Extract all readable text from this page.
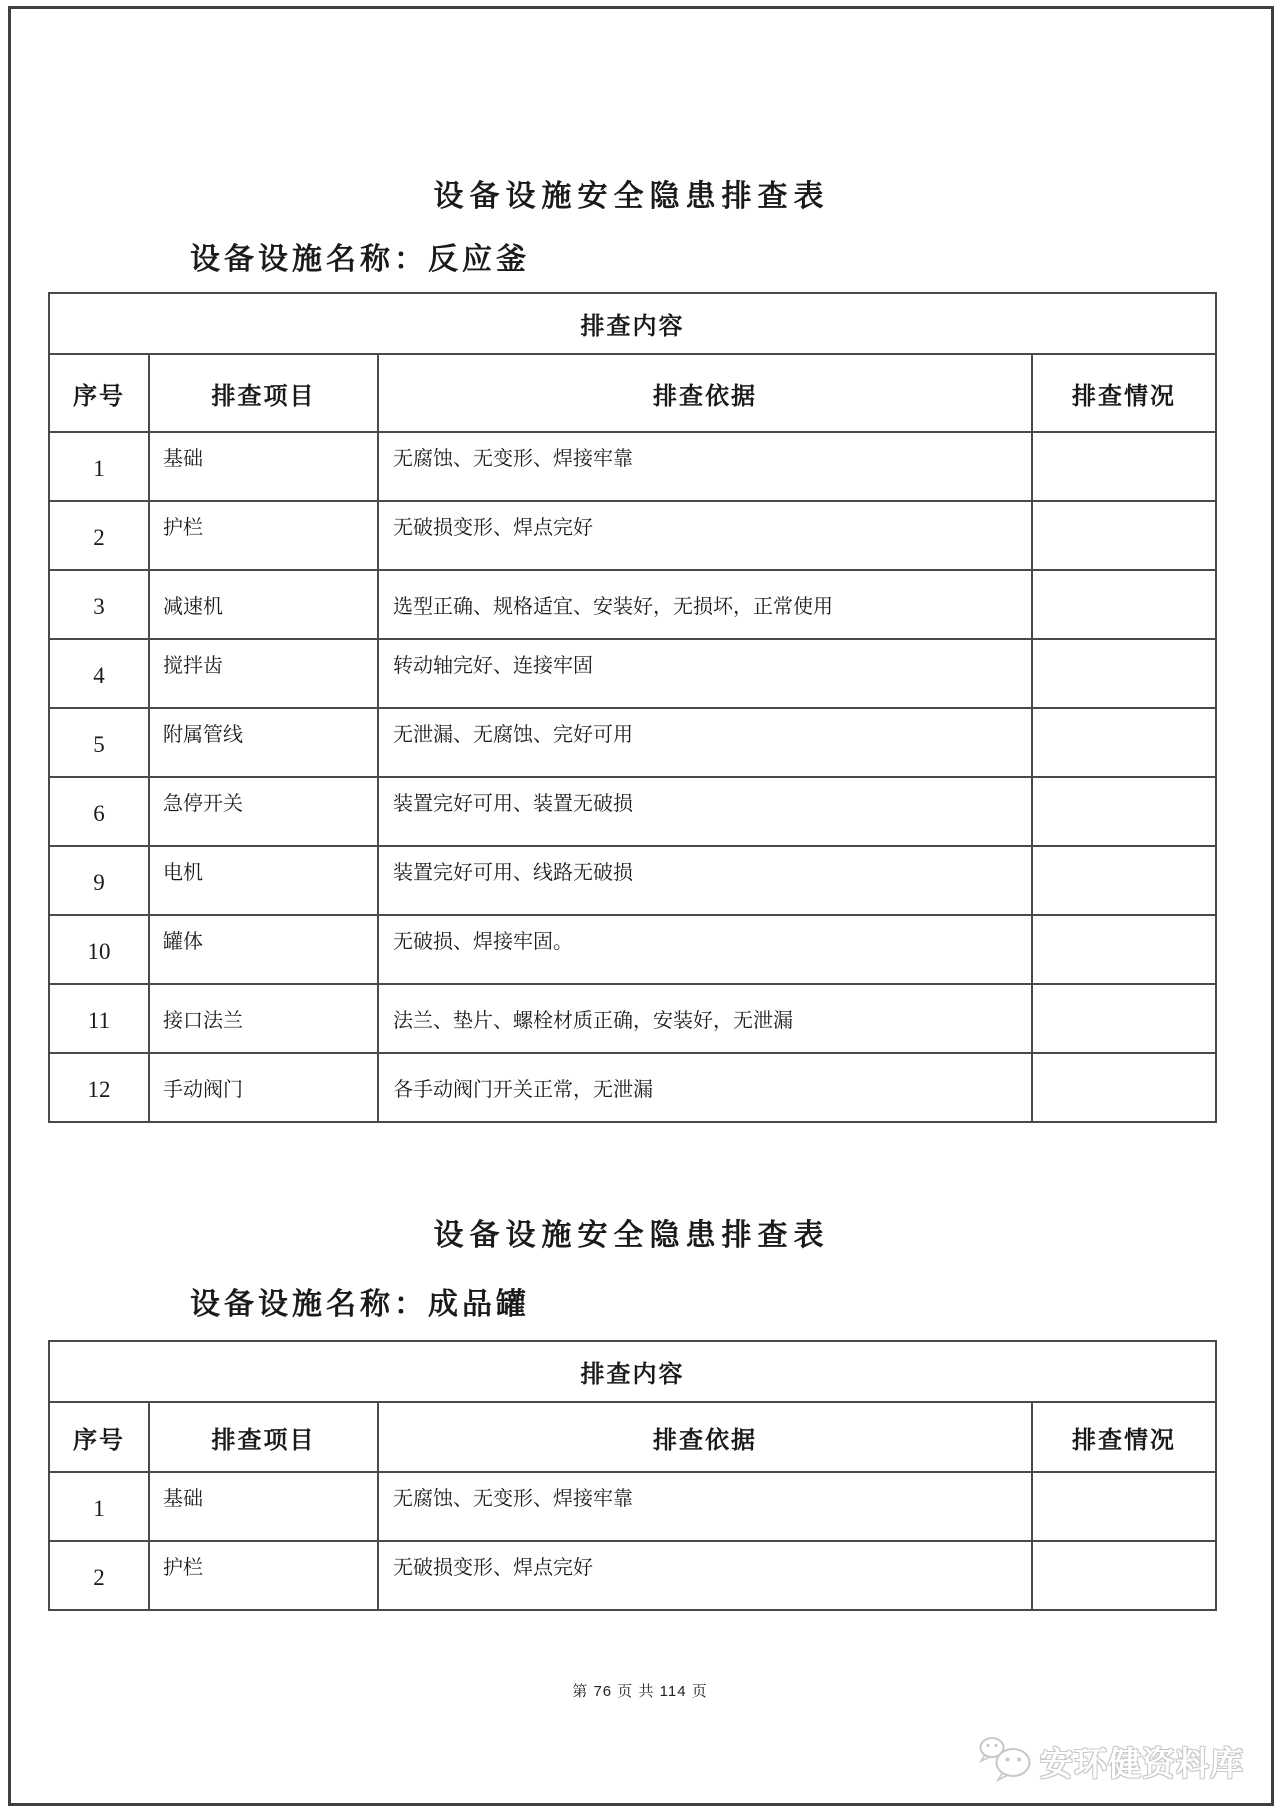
设备设施安全隐患排查表
设备设施名称：反应釜
排查内容			
序号	排查项目	排查依据	排查情况
1	基础	无腐蚀、无变形、焊接牢靠	
2	护栏	无破损变形、焊点完好	
3	减速机	选型正确、规格适宜、安装好，无损坏，正常使用	
4	搅拌齿	转动轴完好、连接牢固	
5	附属管线	无泄漏、无腐蚀、完好可用	
6	急停开关	装置完好可用、装置无破损	
9	电机	装置完好可用、线路无破损	
10	罐体	无破损、焊接牢固。	
11	接口法兰	法兰、垫片、螺栓材质正确，安装好，无泄漏	
12	手动阀门	各手动阀门开关正常，无泄漏	
设备设施安全隐患排查表
设备设施名称：成品罐
排查内容			
序号	排查项目	排查依据	排查情况
1	基础	无腐蚀、无变形、焊接牢靠	
2	护栏	无破损变形、焊点完好	
第 76 页 共 114 页
安环健资料库
